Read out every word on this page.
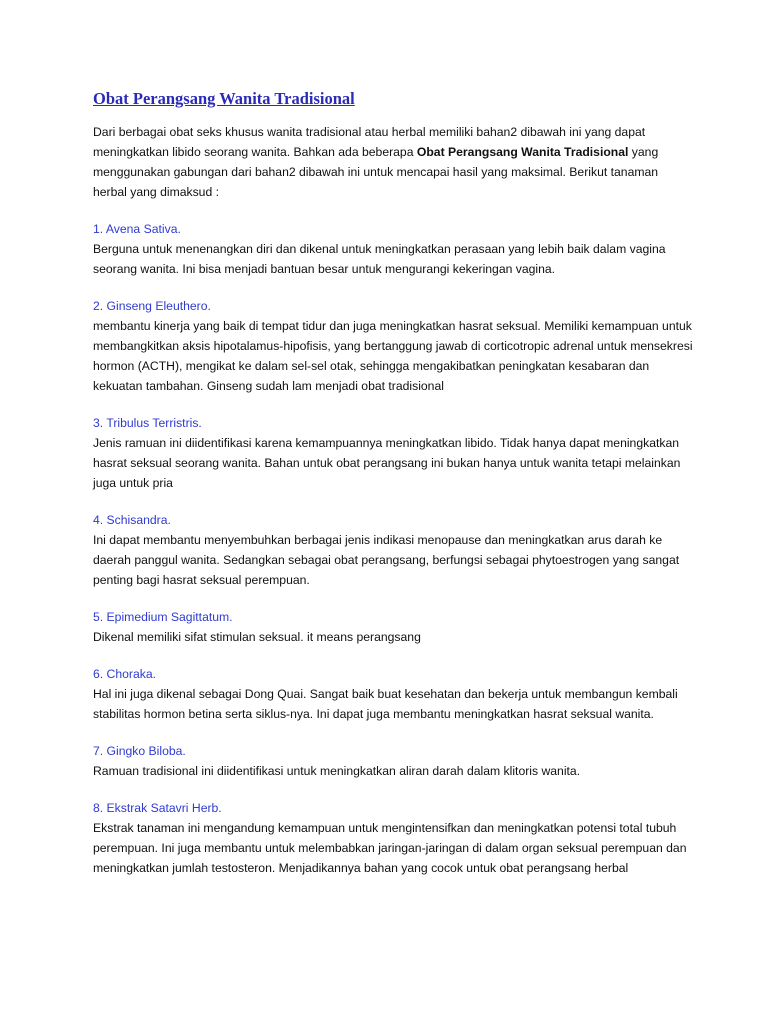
Obat Perangsang Wanita Tradisional

Dari berbagai obat seks khusus wanita tradisional atau herbal memiliki bahan2 dibawah ini yang dapat meningkatkan libido seorang wanita. Bahkan ada beberapa Obat Perangsang Wanita Tradisional yang menggunakan gabungan dari bahan2 dibawah ini untuk mencapai hasil yang maksimal. Berikut tanaman herbal yang dimaksud :

1. Avena Sativa.

Berguna untuk menenangkan diri dan dikenal untuk meningkatkan perasaan yang lebih baik dalam vagina seorang wanita. Ini bisa menjadi bantuan besar untuk mengurangi kekeringan vagina.

2. Ginseng Eleuthero.

membantu kinerja yang baik di tempat tidur dan juga meningkatkan hasrat seksual. Memiliki kemampuan untuk membangkitkan aksis hipotalamus-hipofisis, yang bertanggung jawab di corticotropic adrenal untuk mensekresi hormon (ACTH), mengikat ke dalam sel-sel otak, sehingga mengakibatkan peningkatan kesabaran dan kekuatan tambahan. Ginseng sudah lam menjadi obat tradisional

3. Tribulus Terristris.

Jenis ramuan ini diidentifikasi karena kemampuannya meningkatkan libido. Tidak hanya dapat meningkatkan hasrat seksual seorang wanita. Bahan untuk obat perangsang ini bukan hanya untuk wanita tetapi melainkan juga untuk pria

4. Schisandra.

Ini dapat membantu menyembuhkan berbagai jenis indikasi menopause dan meningkatkan arus darah ke daerah panggul wanita. Sedangkan sebagai obat perangsang, berfungsi sebagai phytoestrogen yang sangat penting bagi hasrat seksual perempuan.

5. Epimedium Sagittatum.

Dikenal memiliki sifat stimulan seksual. it means perangsang

6. Choraka.

Hal ini juga dikenal sebagai Dong Quai. Sangat baik buat kesehatan dan bekerja untuk membangun kembali stabilitas hormon betina serta siklus-nya. Ini dapat juga membantu meningkatkan hasrat seksual wanita.

7. Gingko Biloba.

Ramuan tradisional ini diidentifikasi untuk meningkatkan aliran darah dalam klitoris wanita.

8. Ekstrak Satavri Herb.

Ekstrak tanaman ini mengandung kemampuan untuk mengintensifkan dan meningkatkan potensi total tubuh perempuan. Ini juga membantu untuk melembabkan jaringan-jaringan di dalam organ seksual perempuan dan meningkatkan jumlah testosteron. Menjadikannya bahan yang cocok untuk obat perangsang herbal
